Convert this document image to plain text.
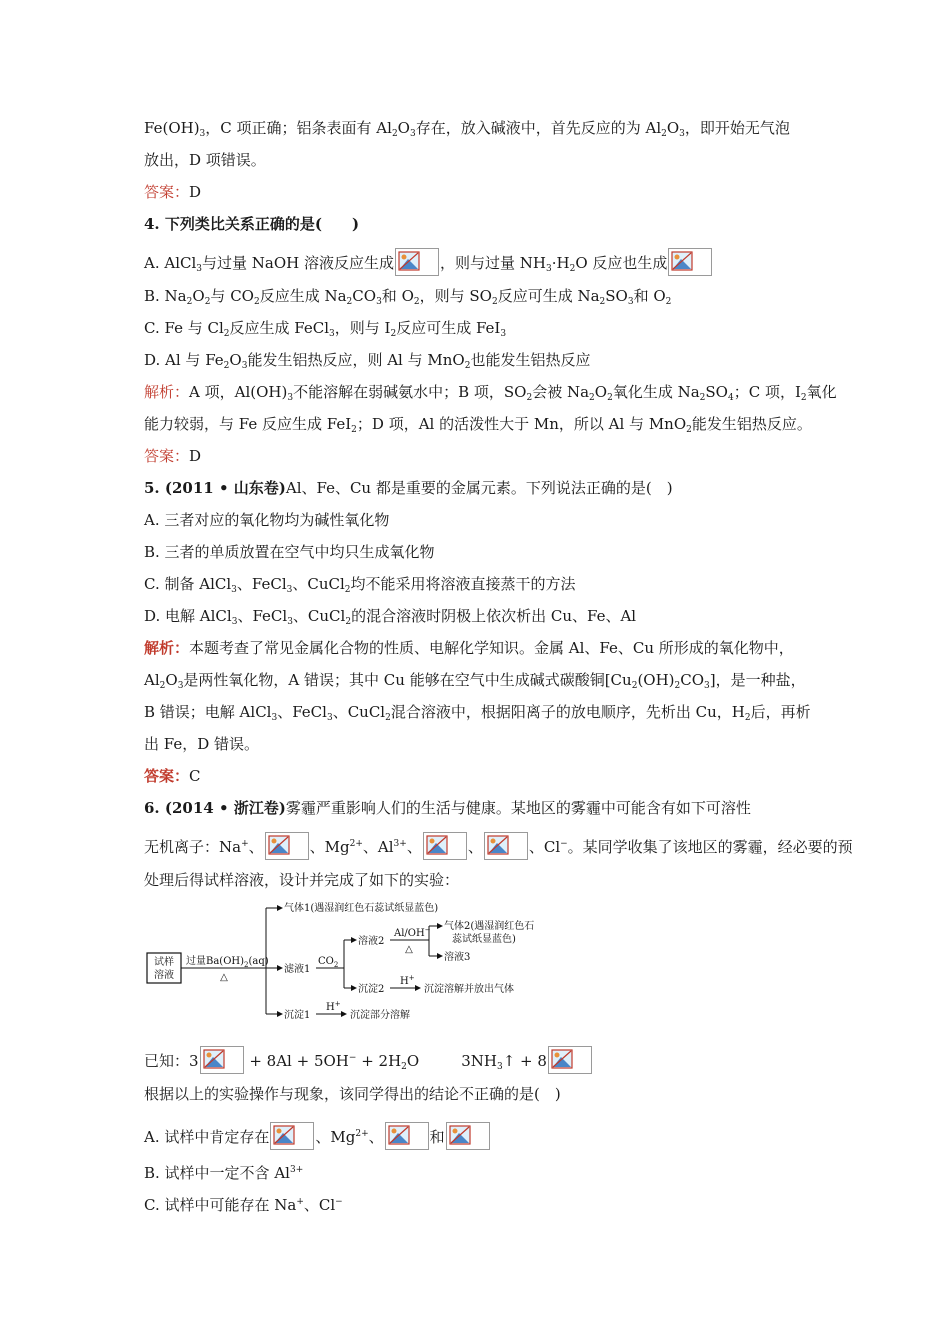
$Fe(OH)_3$，C 项正确；铝条表面有 $Al_2O_3$存在，放入碱液中，首先反应的为 $Al_2O_3$，即开始无气泡
放出，D 项错误。
答案：D
4. 下列类比关系正确的是(　　)
A. AlCl$_3$与过量 NaOH 溶液反应生成	，则与过量 $NH_3\cdot H_2O$ 反应也生成
B. $Na_2O_2$与 $CO_2$反应生成 $Na_2CO_3$和 $O_2$，则与 $SO_2$反应可生成 $Na_2SO_3$和 $O_2$
C. Fe 与 $Cl_2$反应生成 FeCl$_3$，则与 $I_2$反应可生成 FeI$_3$
D. Al 与 $Fe_2O_3$能发生铝热反应，则 Al 与 MnO$_2$也能发生铝热反应
解析：A 项，$Al(OH)_3$不能溶解在弱碱氨水中；B 项，$SO_2$会被 $Na_2O_2$氧化生成 $Na_2SO_4$；C 项，$I_2$氧化
能力较弱，与 Fe 反应生成 FeI$_2$；D 项，Al 的活泼性大于 Mn，所以 Al 与 MnO$_2$能发生铝热反应。
答案：D
5. (2011 • 山东卷)Al、Fe、Cu 都是重要的金属元素。下列说法正确的是(　)
A. 三者对应的氧化物均为碱性氧化物
B. 三者的单质放置在空气中均只生成氧化物
C. 制备 AlCl$_3$、FeCl$_3$、CuCl$_2$均不能采用将溶液直接蒸干的方法
D. 电解 AlCl$_3$、FeCl$_3$、CuCl$_2$的混合溶液时阴极上依次析出 Cu、Fe、Al
解析：本题考查了常见金属化合物的性质、电解化学知识。金属 Al、Fe、Cu 所形成的氧化物中，
$Al_2O_3$是两性氧化物，A 错误；其中 Cu 能够在空气中生成碱式碳酸铜$[Cu_2(OH)_2CO_3]$，是一种盐，
B 错误；电解 AlCl$_3$、FeCl$_3$、CuCl$_2$混合溶液中，根据阳离子的放电顺序，先析出 Cu，$H_2$后，再析
出 Fe，D 错误。
答案：C
6. (2014 • 浙江卷)雾霾严重影响人们的生活与健康。某地区的雾霾中可能含有如下可溶性
无机离子：Na+、	、$Mg^{2+}$、$Al^{3+}$、	、	、Cl−。某同学收集了该地区的雾霾，经必要的预
处理后得试样溶液，设计并完成了如下的实验：
试样
溶液
过量$Ba(OH)_2(aq)$
△
气体1(遇湿润红色石蕊试纸显蓝色)
滤液1
$CO_2$
溶液2
沉淀2
Al/OH−
△
气体2(遇湿润红色石
蕊试纸显蓝色)
溶液3
H+
沉淀溶解并放出气体
沉淀1
H+
沉淀部分溶解
已知：3	+ $8Al + 5OH^- + 2H_2O$	$3NH_3↑ + 8$
根据以上的实验操作与现象，该同学得出的结论不正确的是(　)
A. 试样中肯定存在	、$Mg^{2+}$、	和
B. 试样中一定不含 $Al^{3+}$
C. 试样中可能存在 Na+、Cl−
